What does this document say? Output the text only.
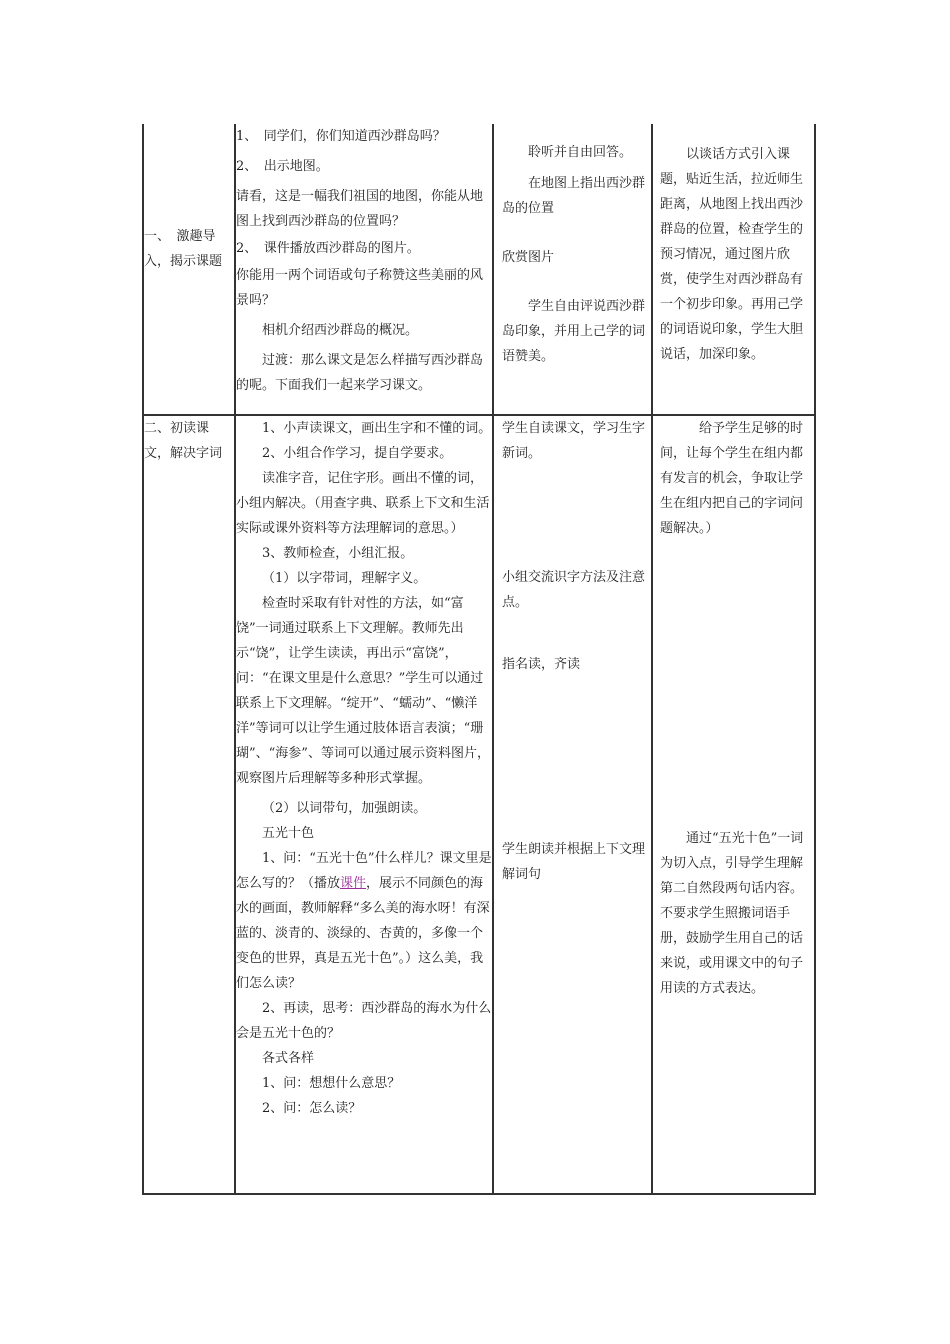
一、　激趣导入，揭示课题

1、　同学们，你们知道西沙群岛吗？

2、　出示地图。

请看，这是一幅我们祖国的地图，你能从地图上找到西沙群岛的位置吗？

2、　课件播放西沙群岛的图片。

你能用一两个词语或句子称赞这些美丽的风景吗？

相机介绍西沙群岛的概况。

过渡：那么课文是怎么样描写西沙群岛的呢。下面我们一起来学习课文。

聆听并自由回答。

在地图上指出西沙群岛的位置

欣赏图片

学生自由评说西沙群岛印象，并用上己学的词语赞美。

以谈话方式引入课题，贴近生活，拉近师生距离，从地图上找出西沙群岛的位置，检查学生的预习情况，通过图片欣赏，使学生对西沙群岛有一个初步印象。再用己学的词语说印象，学生大胆说话，加深印象。

二、初读课文，解决字词

1、小声读课文，画出生字和不懂的词。

2、小组合作学习，提自学要求。

读准字音，记住字形。画出不懂的词，小组内解决。（用查字典、联系上下文和生活实际或课外资料等方法理解词的意思。）

3、教师检查，小组汇报。

（1）以字带词，理解字义。

检查时采取有针对性的方法，如“富饶”一词通过联系上下文理解。教师先出示“饶”，让学生读读，再出示“富饶”，问：“在课文里是什么意思？”学生可以通过联系上下文理解。“绽开”、“蠕动”、“懒洋洋”等词可以让学生通过肢体语言表演；“珊瑚”、“海参”、等词可以通过展示资料图片，观察图片后理解等多种形式掌握。

（2）以词带句，加强朗读。

五光十色

1、问：“五光十色”什么样儿？课文里是怎么写的？（播放课件，展示不同颜色的海水的画面，教师解释“多么美的海水呀！有深蓝的、淡青的、淡绿的、杏黄的，多像一个变色的世界，真是五光十色”。）这么美，我们怎么读？

2、再读，思考：西沙群岛的海水为什么会是五光十色的？

各式各样

1、问：想想什么意思？

2、问：怎么读？

学生自读课文，学习生字新词。

小组交流识字方法及注意点。

指名读，齐读

学生朗读并根据上下文理解词句

给予学生足够的时间，让每个学生在组内都有发言的机会，争取让学生在组内把自己的字词问题解决。）

通过“五光十色”一词为切入点，引导学生理解第二自然段两句话内容。不要求学生照搬词语手册，鼓励学生用自己的话来说，或用课文中的句子用读的方式表达。
